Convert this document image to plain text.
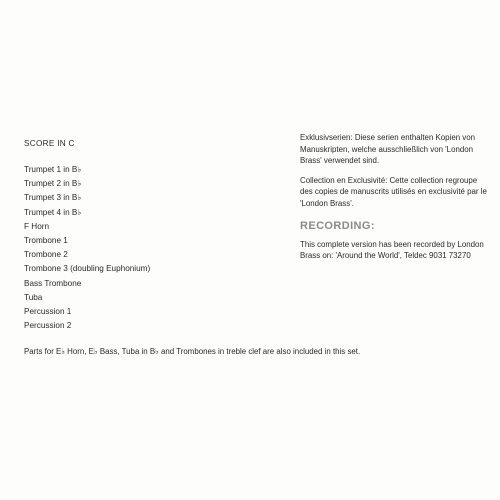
SCORE IN C
Trumpet 1 in B♭
Trumpet 2 in B♭
Trumpet 3 in B♭
Trumpet 4 in B♭
F Horn
Trombone 1
Trombone 2
Trombone 3 (doubling Euphonium)
Bass Trombone
Tuba
Percussion 1
Percussion 2

Exklusivserien: Diese serien enthalten Kopien von Manuskripten, welche ausschließlich von 'London Brass' verwendet sind.

Collection en Exclusivité: Cette collection regroupe des copies de manuscrits utilisés en exclusivité par le 'London Brass'.

RECORDING:

This complete version has been recorded by London Brass on: 'Around the World', Teldec 9031 73270

Parts for E♭ Horn, E♭ Bass, Tuba in B♭ and Trombones in treble clef are also included in this set.
